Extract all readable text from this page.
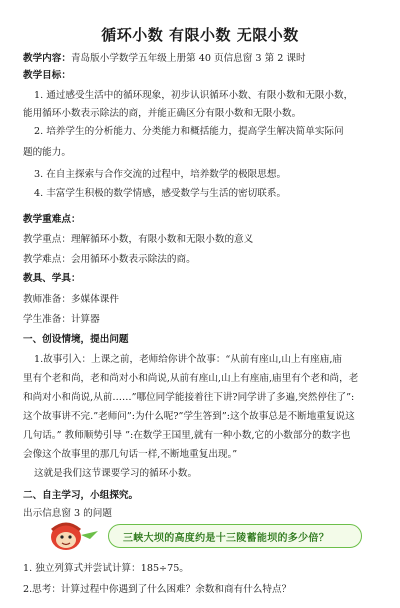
循环小数 有限小数 无限小数
教学内容：青岛版小学数学五年级上册第 40 页信息窗 3 第 2 课时
教学目标：
1. 通过感受生活中的循环现象，初步认识循环小数、有限小数和无限小数，
能用循环小数表示除法的商，并能正确区分有限小数和无限小数。
2. 培养学生的分析能力、分类能力和概括能力，提高学生解决简单实际问
题的能力。
3. 在自主探索与合作交流的过程中，培养数学的极限思想。
4. 丰富学生积极的数学情感，感受数学与生活的密切联系。
教学重难点：
教学重点：理解循环小数，有限小数和无限小数的意义
教学难点：会用循环小数表示除法的商。
教具、学具：
教师准备：多媒体课件
学生准备：计算器
一、创设情境，提出问题
1.故事引入：上课之前，老师给你讲个故事：“从前有座山,山上有座庙,庙
里有个老和尚，老和尚对小和尚说,从前有座山,山上有座庙,庙里有个老和尚，老
和尚对小和尚说,从前……”哪位同学能接着往下讲?同学讲了多遍,突然停住了”:
这个故事讲不完.”老师问”:为什么呢?”学生答到”:这个故事总是不断地重复说这
几句话。” 教师顺势引导 ”:在数学王国里,就有一种小数,它的小数部分的数字也
会像这个故事里的那几句话一样,不断地重复出现。”
这就是我们这节课要学习的循环小数。
二、自主学习，小组探究。
出示信息窗 3 的问题
三峡大坝的高度约是十三陵蓄能坝的多少倍？
1. 独立列算式并尝试计算：185÷75。
2.思考：计算过程中你遇到了什么困难？余数和商有什么特点？
